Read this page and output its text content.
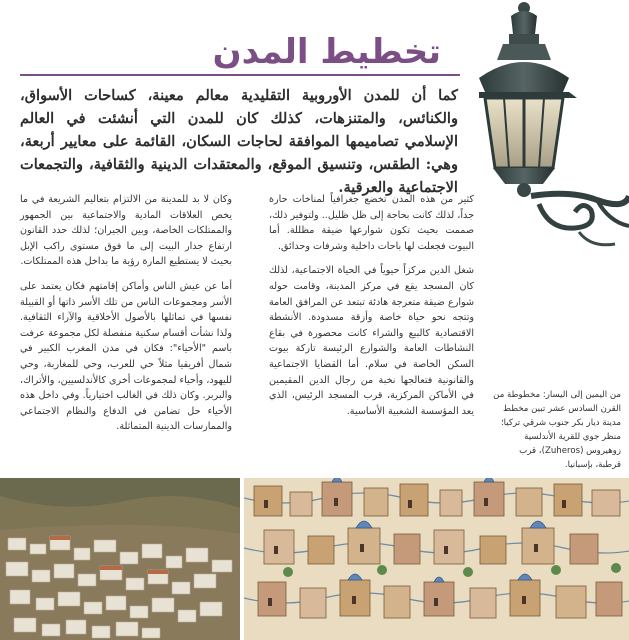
تخطيط المدن

كما أن للمدن الأوروبية التقليدية معالم معينة، كساحات الأسواق، والكنائس، والمتنزهات، كذلك كان للمدن التي أنشئت في العالم الإسلامي تصاميمها الموافقة لحاجات السكان، القائمة على معايير أربعة، وهي: الطقس، وتنسيق الموقع، والمعتقدات الدينية والثقافية، والتجمعات الاجتماعية والعرقية.

كثير من هذه المدن تخضع جغرافياً لمناخات حارة جداً، لذلك كانت بحاجة إلى ظل ظليل.. ولتوفير ذلك، صممت بحيث تكون شوارعها ضيقة مظللة. أما البيوت فجعلت لها باحات داخلية وشرفات وحدائق.

شغل الدين مركزاً حيوياً في الحياة الاجتماعية، لذلك كان المسجد يقع في مركز المدينة، وقامت حوله شوارع ضيقة متعرجة هادئة تبتعد عن المرافق العامة وتتجه نحو حياة خاصة وأزقة مسدودة. الأنشطة الاقتصادية كالبيع والشراء كانت محصورة في بقاع النشاطات العامة والشوارع الرئيسة تاركة بيوت السكن الخاصة في سلام. أما القضايا الاجتماعية والقانونية فتعالجها نخبة من رجال الدين المقيمين في الأماكن المركزية، قرب المسجد الرئيس، الذي يعد المؤسسة الشعبية الأساسية.

وكان لا بد للمدينة من الالتزام بتعاليم الشريعة في ما يخص العلاقات المادية والاجتماعية بين الجمهور والممتلكات الخاصة، وبين الجيران؛ لذلك حدد القانون ارتفاع جدار البيت إلى ما فوق مستوى راكب الإبل بحيث لا يستطيع المارة رؤية ما بداخل هذه الممتلكات.

أما عن عيش الناس وأماكن إقامتهم فكان يعتمد على الأسر ومجموعات الناس من تلك الأسر ذاتها أو القبيلة نفسها في تماثلها بالأصول الأخلاقية والآراء الثقافية. ولذا نشأت أقسام سكنية منفصلة لكل مجموعة عرفت باسم "الأحياء": فكان في مدن المغرب الكبير في شمال أفريقيا مثلاً حي للعرب، وحي للمغاربة، وحي لليهود، وأحياء لمجموعات أخرى كالأندلسيين، والأتراك، والبربر. وكان ذلك في الغالب اختيارياً. وفي داخل هذه الأحياء حل تضامن في الدفاع والنظام الاجتماعي والممارسات الدينية المتماثلة.

من اليمين إلى اليسار: مخطوطة من القرن السادس عشر تبين مخطط مدينة ديار بكر جنوب شرقي تركيا؛ منظر جوي للقرية الأندلسية زوهيروس (Zuheros)، قرب قرطبة، بإسبانيا.
